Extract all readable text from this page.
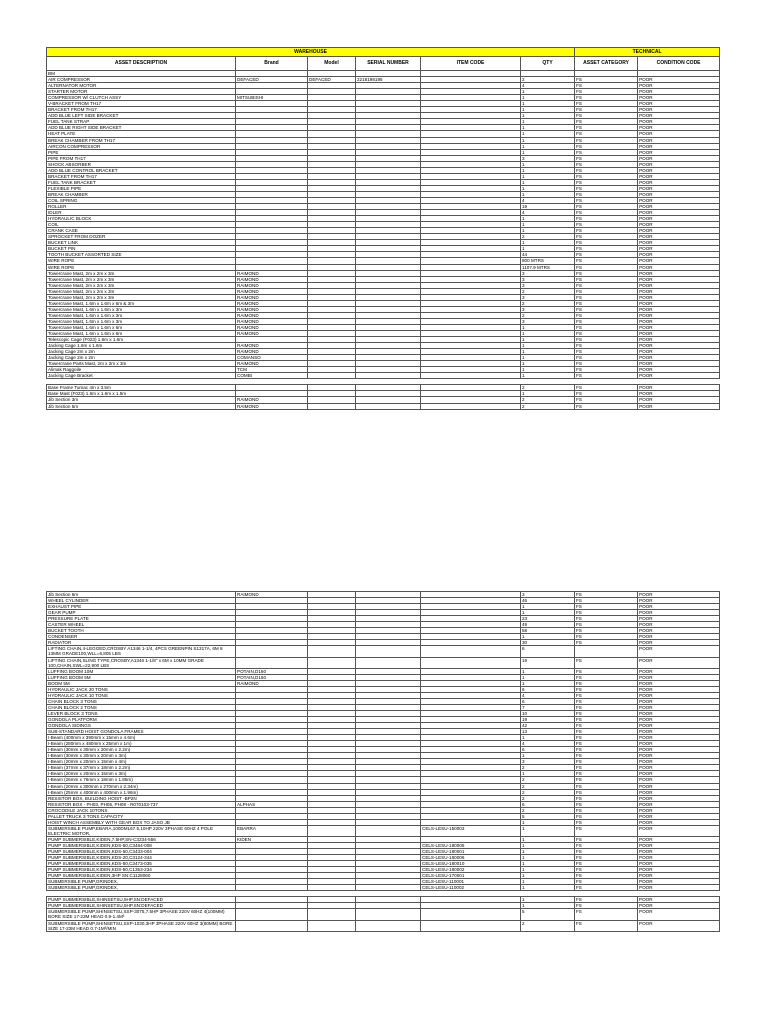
WAREHOUSE						TECHNICAL	
ASSET DESCRIPTION	Brand	Model	SERIAL NUMBER	ITEM CODE	QTY	ASSET CATEGORY	CONDITION CODE
BM							
AIR COMPRESSOR	DEFACED	DEFACED	2218198195		2	FS	POOR
ALTERNATOR MOTOR					4	FS	POOR
STARTER MOTOR					1	FS	POOR
COMPRESSOR W/ CLUTCH ASSY	MITSUBISHI				1	FS	POOR
V-BRACKET FROM TH17					1	FS	POOR
BRACKET FROM TH17					1	FS	POOR
ADD BLUE LEFT SIDE BRACKET					1	FS	POOR
FUEL TANK STRAP					1	FS	POOR
ADD BLUE RIGHT SIDE BRACKET					1	FS	POOR
HEAT PLATE					1	FS	POOR
BREAK CHAMBER FROM TH17					1	FS	POOR
AIRCON COMPRESSOR					1	FS	POOR
PIPE					1	FS	POOR
PIPE FROM TH17					3	FS	POOR
SHOCK ABSORBER					1	FS	POOR
ADD BLUE CONTROL BRACKET					1	FS	POOR
BRACKET FROM TH17					1	FS	POOR
FUEL TANK BRACKET					1	FS	POOR
FLEXIBLE PIPE					1	FS	POOR
BREAK CHAMBER					1	FS	POOR
COIL SPRING					4	FS	POOR
ROLLER					19	FS	POOR
IDLER					4	FS	POOR
HYDRAULIC BLOCK					1	FS	POOR
COIL					1	FS	POOR
CRANK CASE					1	FS	POOR
SPROCKET FROM DOZER					2	FS	POOR
BUCKET LINK					1	FS	POOR
BUCKET PIN					1	FS	POOR
TOOTH BUCKET ASSORTED SIZE					44	FS	POOR
WIRE ROPE					800 MTRS	FS	POOR
WIRE ROPE					1107.9 MTRS	FS	POOR
Towercrane Mast, 2m x 2m x 3m	RAIMOND				3	FS	POOR
Towercrane Mast, 2m x 2m x 3m	RAIMOND				3	FS	POOR
Towercrane Mast, 2m x 2m x 3m	RAIMOND				3	FS	POOR
Towercrane Mast, 2m x 2m x 3m	RAIMOND				2	FS	POOR
Towercrane Mast, 2m x 2m x 3m	RAIMOND				3	FS	POOR
Towercrane Mast, 1.6m x 1.6m x 6m & 3m	RAIMOND				2	FS	POOR
Towercrane Mast, 1.6m x 1.6m x 3m	RAIMOND				3	FS	POOR
Towercrane Mast, 1.6m x 1.6m x 3m	RAIMOND				2	FS	POOR
Towercrane Mast, 1.6m x 1.6m x 3m	RAIMOND				3	FS	POOR
Towercrane Mast, 1.6m x 1.6m x 6m	RAIMOND				1	FS	POOR
Towercrane Mast, 1.6m x 1.6m x 6m	RAIMOND				1	FS	POOR
Telescopic Cage (F023) 1.6m x 1.6m					1	FS	POOR
Jacking Cage 1.6m x 1.6m	RAIMOND				1	FS	POOR
Jacking Cage 2m x 2m	RAIMOND				1	FS	POOR
Jacking Cage 2m x 2m	COMANSO				1	FS	POOR
Towercrane Parts Mast, 2m x 2m x 3m	RAIMOND				1	FS	POOR
Alimak Raggoile	TCM				1	FS	POOR
Jacking Cage Bracket	COMBI				1	FS	POOR

Base Frame Tumac 4m x 3.5m					2	FS	POOR
Base Mast (F023) 1.6m x 1.6m x 1.5m					1	FS	POOR
Jib Section 3m	RAIMOND				2	FS	POOR
Jib Section 5m	RAIMOND				2	FS	POOR
Jib Section 6m	RAIMOND				3	FS	POOR
WHEEL CYLINDER					46	FS	POOR
EXHAUST PIPE					1	FS	POOR
GEAR PUMP					1	FS	POOR
PRESSURE PLATE					23	FS	POOR
CASTER WHEEL					49	FS	POOR
BUCKET TOOTH					58	FS	POOR
CONDENSER					1	FS	POOR
RADIATOR					30	FS	POOR
LIFTING CHAIN,4-LEGGED,CROSBY A1346 1-1/4, 4PCS GREENPIN S1317A, 6M 8 13MM GRADE100,WLL=6,805 LBS					6		POOR
LIFTING CHAIN,SLING TYPE,CROSBY,A1346 1-1/8" x 6M x 10MM GRADE 100,CHAIN,SWL=22,900 LBS					19	FS	POOR
LUFFING BOOM 10M	POTAIN,D160				1	FS	POOR
LUFFING BOOM 5M	POTAIN,D160				1	FS	POOR
BOOM 5M	RAIMOND				1	FS	POOR
HYDRAULIC JACK 20 TONS					6	FS	POOR
HYDRAULIC JACK 10 TONS					4	FS	POOR
CHAIN BLOCK 3 TONS					6	FS	POOR
CHAIN BLOCK 2 TONS					7	FS	POOR
LEVER BLOCK 3 TONS					10	FS	POOR
GONDOLA PLATFORM					19	FS	POOR
GONDOLA SIDINGS					42	FS	POOR
SUB-STANDARD HOIST GONDOLA FRAMES					13	FS	POOR
I-Beam (400mm x 390mm x 15mm x 4.6m)					1	FS	POOR
I-Beam (280mm x 480mm x 25mm x 1m)					4	FS	POOR
I-Beam (30mm x 30mm x 20mm x 2.2m)					6	FS	POOR
I-Beam (30mm x 30mm x 20mm x 3m)					1	FS	POOR
I-Beam (20mm x 20mm x 15mm x 4m)					3	FS	POOR
I-Beam (37mm x 37mm x 18mm x 2.2m)					2	FS	POOR
I-Beam (20mm x 20mm x 15mm x 3m)					1	FS	POOR
I-Beam (26mm x 76mm x 18mm x 1.85m)					2	FS	POOR
I-Beam (20mm x 300mm x 270mm x 2.34m)					2	FS	POOR
I-Beam (25mm x 400mm x 400mm x 1.96m)					2	FS	POOR
RESISTOR BOX, BUILDING HOIST -BP2N					2	FS	POOR
RESISTOR BOX - PH03, PH05, PH08 - R070103-737	ALPHAS				6	FS	POOR
CROCODILE JACK 10TONS					2	FS	POOR
PALLET TRUCK 3 TONS CAPACITY					5	FS	POOR
HOIST WINCH ASSEMBLY WITH GEAR BOX TO JASO JB					1	FS	POOR
SUBMERSIBLE PUMP,EBARA,100DML67.5,10HP 220V 3PHASE 60HZ 4 POLE ELECTRIC MOTOR,	EBARRA			CELS-LESU-150003	1	FS	POOR
PUMP SUBMERSIBLE,KIDEN,7.5HP,SN-C3234-556	KIDEN				1	FS	POOR
PUMP SUBMERSIBLE,KIDEN,KDS-50,C3484-008				CELS-LESU-180005	1	FS	POOR
PUMP SUBMERSIBLE,KIDEN,KDS-50,C3433-004				CELS-LESU-180001	1	FS	POOR
PUMP SUBMERSIBLE,KIDEN,KDS-20,C3124-344				CELS-LESU-180006	1	FS	POOR
PUMP SUBMERSIBLE,KIDEN,KDS-50,C3473-035				CELS-LESU-180010	1	FS	POOR
PUMP SUBMERSIBLE,KIDEN,KDS-50,C1353-234				CELS-LESU-180002	1	FS	POOR
PUMP SUBMERSIBLE,KIDEN,3HP SN:C1128060				CELS-LESU-170001	1	FS	POOR
SUBMERSIBLE PUMP,GRINDEX,				CELS-LESU-110001	1	FS	POOR
SUBMERSIBLE PUMP,GRINDEX,				CELS-LESU-110002	1	FS	POOR

PUMP SUBMERSIBLE,SHINSETSU,5HP,SN:DEFACED					1	FS	POOR
PUMP SUBMERSIBLE,SHINSETSU,5HP,SN:DEFACED					1	FS	POOR
SUBMERSIBLE PUMP,SHINSETSU,SSP-3075,7.5HP 3PHASE 220V 60HZ 4(100MM) BORE SIZE 17-23M HEAD 0.9-1.4M³					5	FS	POOR
SUBMERSIBLE PUMP,SHINSETSU,SSP-1030,3HP 3PHASE 220V 60HZ 3(80MM) BORE SIZE 17-23M HEAD 0.7-1M³/MIN					2	FS	POOR
